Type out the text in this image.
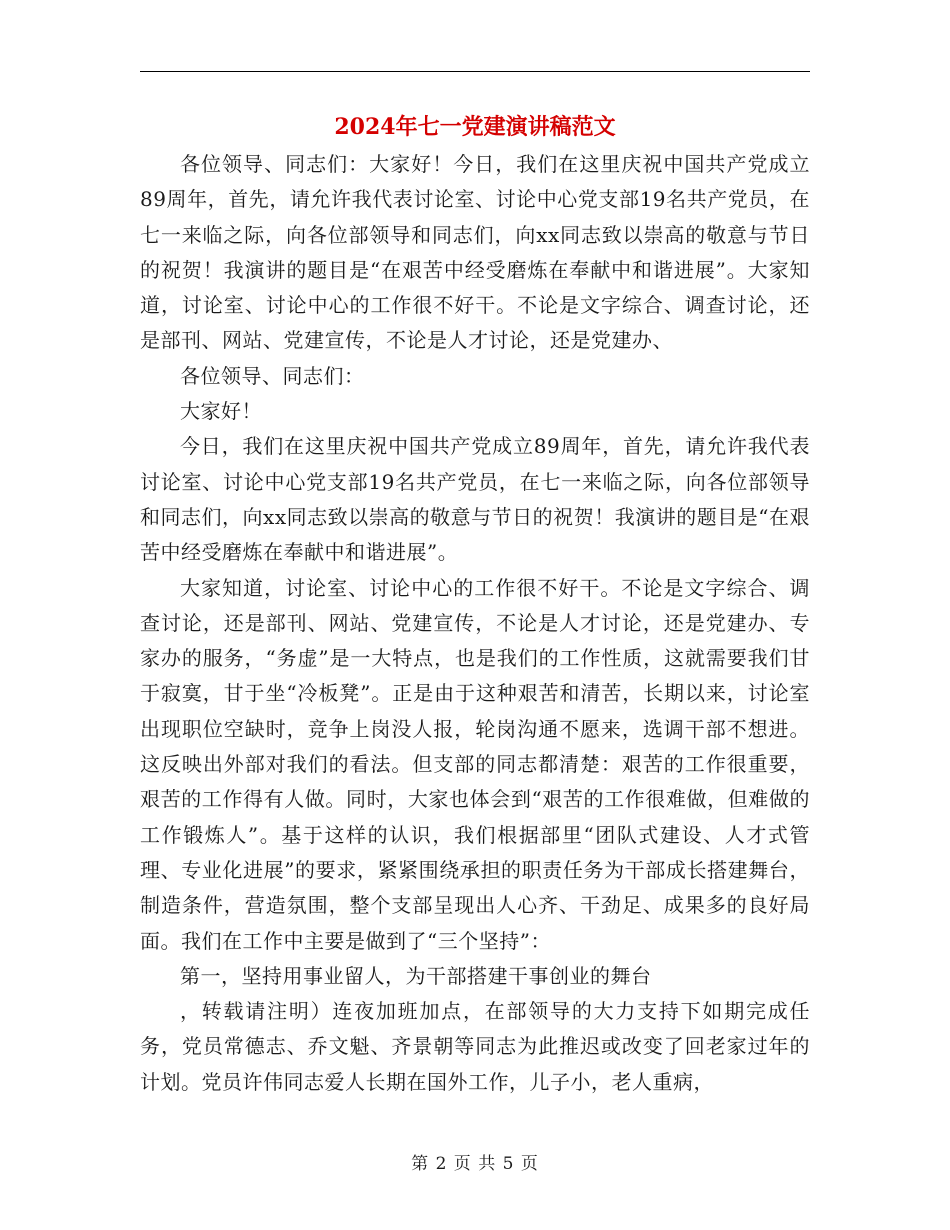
2024年七一党建演讲稿范文

各位领导、同志们：大家好！今日，我们在这里庆祝中国共产党成立89周年，首先，请允许我代表讨论室、讨论中心党支部19名共产党员，在七一来临之际，向各位部领导和同志们，向xx同志致以崇高的敬意与节日的祝贺！我演讲的题目是“在艰苦中经受磨炼在奉献中和谐进展”。大家知道，讨论室、讨论中心的工作很不好干。不论是文字综合、调查讨论，还是部刊、网站、党建宣传，不论是人才讨论，还是党建办、

各位领导、同志们：

大家好！

今日，我们在这里庆祝中国共产党成立89周年，首先，请允许我代表讨论室、讨论中心党支部19名共产党员，在七一来临之际，向各位部领导和同志们，向xx同志致以崇高的敬意与节日的祝贺！我演讲的题目是“在艰苦中经受磨炼在奉献中和谐进展”。

大家知道，讨论室、讨论中心的工作很不好干。不论是文字综合、调查讨论，还是部刊、网站、党建宣传，不论是人才讨论，还是党建办、专家办的服务，“务虚”是一大特点，也是我们的工作性质，这就需要我们甘于寂寞，甘于坐“冷板凳”。正是由于这种艰苦和清苦，长期以来，讨论室出现职位空缺时，竞争上岗没人报，轮岗沟通不愿来，选调干部不想进。这反映出外部对我们的看法。但支部的同志都清楚：艰苦的工作很重要，艰苦的工作得有人做。同时，大家也体会到“艰苦的工作很难做，但难做的工作锻炼人”。基于这样的认识，我们根据部里“团队式建设、人才式管理、专业化进展”的要求，紧紧围绕承担的职责任务为干部成长搭建舞台，制造条件，营造氛围，整个支部呈现出人心齐、干劲足、成果多的良好局面。我们在工作中主要是做到了“三个坚持”：

第一，坚持用事业留人，为干部搭建干事创业的舞台

，转载请注明）连夜加班加点，在部领导的大力支持下如期完成任务，党员常德志、乔文魁、齐景朝等同志为此推迟或改变了回老家过年的计划。党员许伟同志爱人长期在国外工作，儿子小，老人重病，

第 2 页 共 5 页
